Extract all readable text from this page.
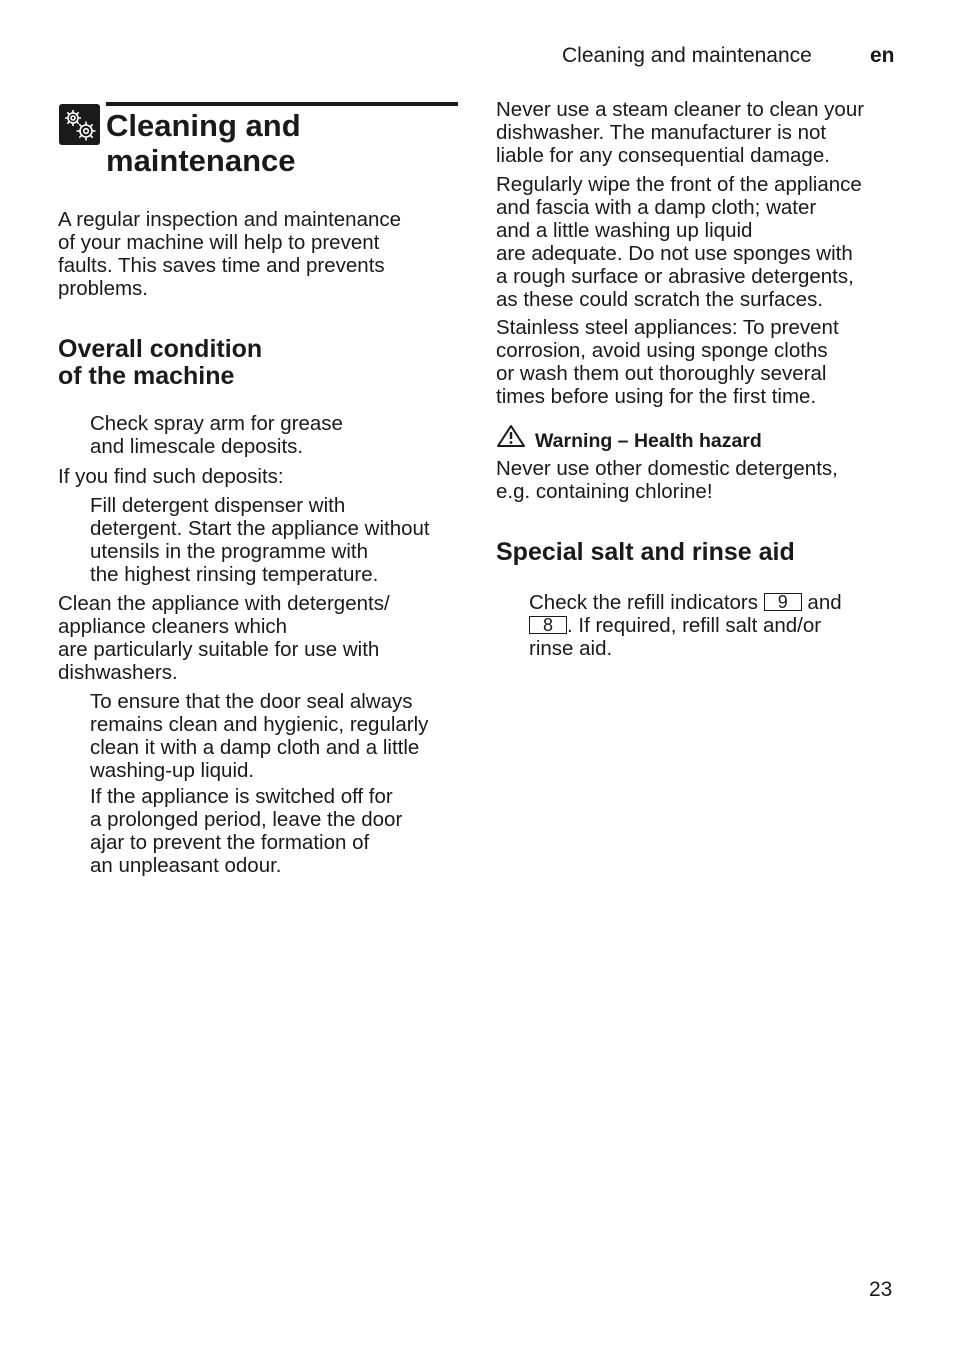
Cleaning and maintenance	en
Cleaning and
maintenance
A regular inspection and maintenance
of your machine will help to prevent
faults. This saves time and prevents
problems.
Overall condition
of the machine
Check spray arm for grease
and limescale deposits.
If you find such deposits:
Fill detergent dispenser with
detergent. Start the appliance without
utensils in the programme with
the highest rinsing temperature.
Clean the appliance with detergents/
appliance cleaners which
are particularly suitable for use with
dishwashers.
To ensure that the door seal always
remains clean and hygienic, regularly
clean it with a damp cloth and a little
washing-up liquid.
If the appliance is switched off for
a prolonged period, leave the door
ajar to prevent the formation of
an unpleasant odour.
Never use a steam cleaner to clean your
dishwasher. The manufacturer is not
liable for any consequential damage.
Regularly wipe the front of the appliance
and fascia with a damp cloth; water
and a little washing up liquid
are adequate. Do not use sponges with
a rough surface or abrasive detergents,
as these could scratch the surfaces.
Stainless steel appliances: To prevent
corrosion, avoid using sponge cloths
or wash them out thoroughly several
times before using for the first time.
Warning – Health hazard
Never use other domestic detergents,
e.g. containing chlorine!
Special salt and rinse aid
Check the refill indicators 9 and
8 . If required, refill salt and/or
rinse aid.
23
